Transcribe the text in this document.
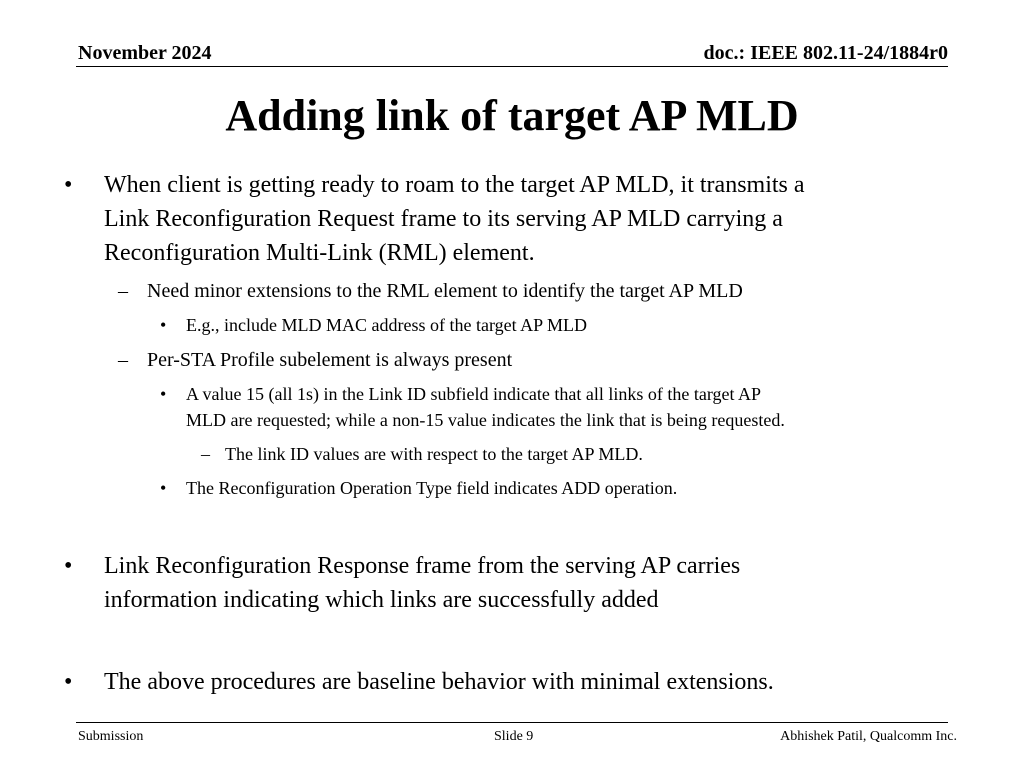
November 2024	doc.: IEEE 802.11-24/1884r0
Adding link of target AP MLD
• When client is getting ready to roam to the target AP MLD, it transmits a
Link Reconfiguration Request frame to its serving AP MLD carrying a
Reconfiguration Multi-Link (RML) element.
– Need minor extensions to the RML element to identify the target AP MLD
• E.g., include MLD MAC address of the target AP MLD
– Per-STA Profile subelement is always present
• A value 15 (all 1s) in the Link ID subfield indicate that all links of the target AP
MLD are requested; while a non-15 value indicates the link that is being requested.
– The link ID values are with respect to the target AP MLD.
• The Reconfiguration Operation Type field indicates ADD operation.
• Link Reconfiguration Response frame from the serving AP carries
information indicating which links are successfully added
• The above procedures are baseline behavior with minimal extensions.
Submission	Slide 9	Abhishek Patil, Qualcomm Inc.
